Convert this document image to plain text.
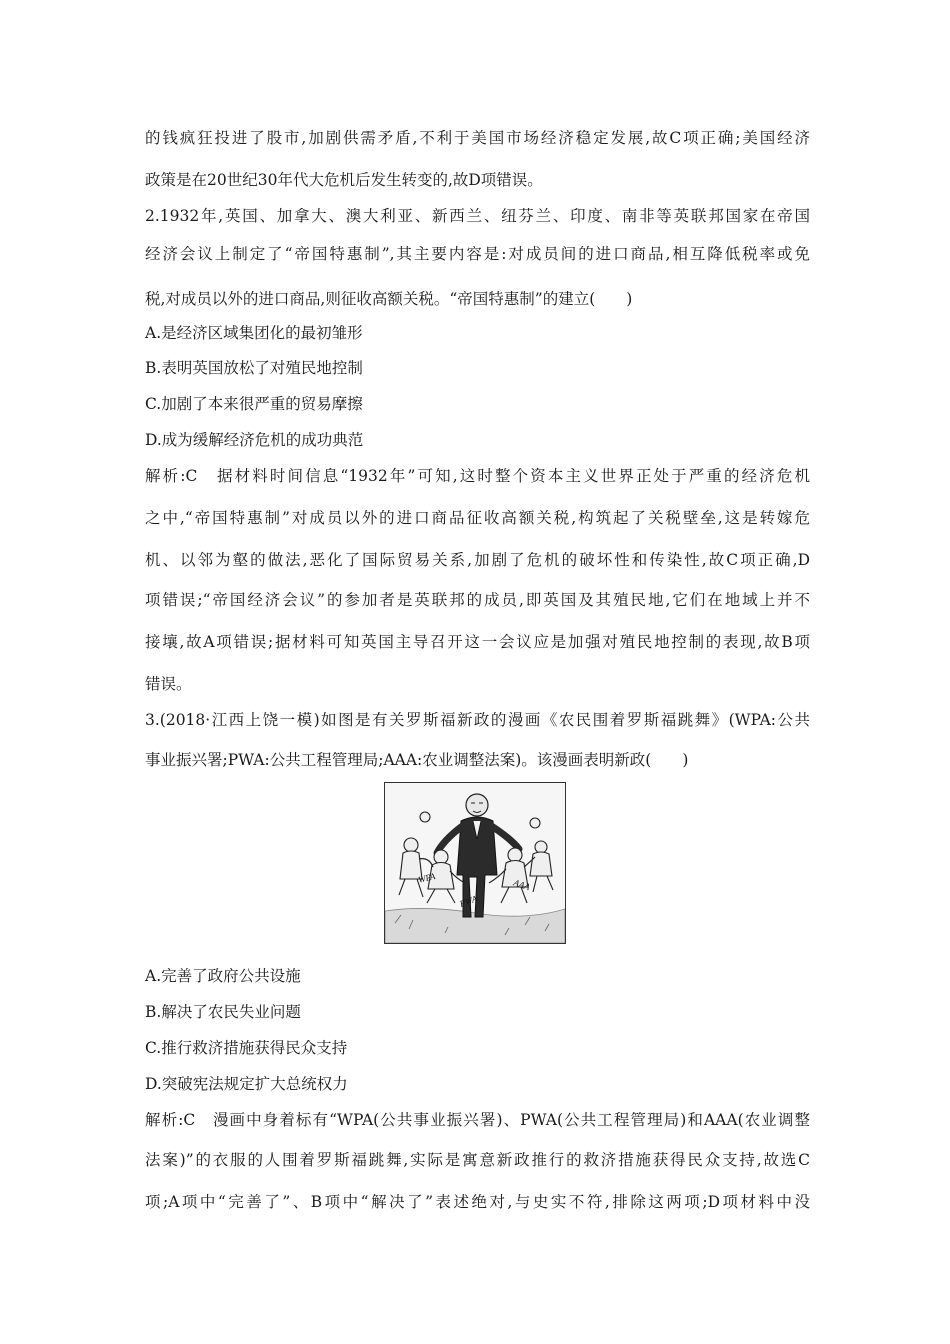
的钱疯狂投进了股市,加剧供需矛盾,不利于美国市场经济稳定发展,故C项正确;美国经济
政策是在20世纪30年代大危机后发生转变的,故D项错误。
2.1932年,英国、加拿大、澳大利亚、新西兰、纽芬兰、印度、南非等英联邦国家在帝国
经济会议上制定了“帝国特惠制”,其主要内容是:对成员间的进口商品,相互降低税率或免
税,对成员以外的进口商品,则征收高额关税。“帝国特惠制”的建立(　　)
A.是经济区域集团化的最初雏形
B.表明英国放松了对殖民地控制
C.加剧了本来很严重的贸易摩擦
D.成为缓解经济危机的成功典范
解析:C　据材料时间信息“1932年”可知,这时整个资本主义世界正处于严重的经济危机
之中,“帝国特惠制”对成员以外的进口商品征收高额关税,构筑起了关税壁垒,这是转嫁危
机、以邻为壑的做法,恶化了国际贸易关系,加剧了危机的破坏性和传染性,故C项正确,D
项错误;“帝国经济会议”的参加者是英联邦的成员,即英国及其殖民地,它们在地域上并不
接壤,故A项错误;据材料可知英国主导召开这一会议应是加强对殖民地控制的表现,故B项
错误。
3.(2018·江西上饶一模)如图是有关罗斯福新政的漫画《农民围着罗斯福跳舞》(WPA:公共
事业振兴署;PWA:公共工程管理局;AAA:农业调整法案)。该漫画表明新政(　　)
WPA
PWA
AAA
A.完善了政府公共设施
B.解决了农民失业问题
C.推行救济措施获得民众支持
D.突破宪法规定扩大总统权力
解析:C　漫画中身着标有“WPA(公共事业振兴署)、PWA(公共工程管理局)和AAA(农业调整
法案)”的衣服的人围着罗斯福跳舞,实际是寓意新政推行的救济措施获得民众支持,故选C
项;A项中“完善了”、B项中“解决了”表述绝对,与史实不符,排除这两项;D项材料中没
